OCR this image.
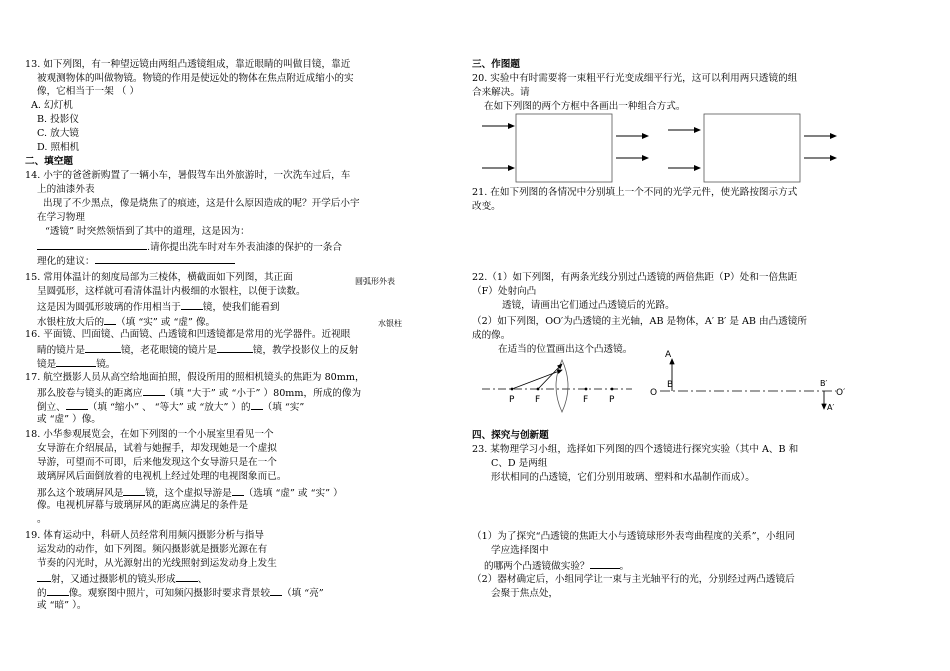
13. 如下列图，有一种望远镜由两组凸透镜组成，靠近眼睛的叫做目镜，靠近
被观测物体的叫做物镜。物镜的作用是使远处的物体在焦点附近成缩小的实
像，它相当于一架 （ ）
A. 幻灯机
B. 投影仪
C. 放大镜
D. 照相机
二、填空题
14. 小宇的爸爸新购置了一辆小车，暑假驾车出外旅游时，一次洗车过后，车
上的油漆外表
出现了不少黑点，像是烧焦了的痕迹，这是什么原因造成的呢？开学后小宇
在学习物理
“透镜” 时突然领悟到了其中的道理，这是因为：
.请你提出洗车时对车外表油漆的保护的一条合
理化的建议：
15. 常用体温计的刻度局部为三棱体，横截面如下列图，其正面	圆弧形外表
呈圆弧形，这样就可看清体温计内极细的水银柱，以便于读数。
这是因为圆弧形玻璃的作用相当于 镜，使我们能看到
水银柱放大后的 （填 “实” 或 “虚” 像。	水银柱
16. 平面镜、凹面镜、凸面镜、凸透镜和凹透镜都是常用的光学器件。近视眼
睛的镜片是	镜，老花眼镜的镜片是	镜，教学投影仪上的反射
镜是	镜。
17. 航空摄影人员从高空给地面拍照，假设所用的照相机镜头的焦距为 80mm，
那么胶卷与镜头的距离应 （填 “大于” 或 “小于” ）80mm，所成的像为
倒立、 （填 “缩小” 、 “等大” 或 “放大” ）的 （填 “实”
或 “虚” ）像。
18. 小华参观展览会，在如下列图的一个小展室里看见一个
女导游在介绍展品，试着与她握手，却发现她是一个虚拟
导游，可望而不可即，后来他发现这个女导游只是在一个
玻璃屏风后面倒放着的电视机上经过处理的电视图象而已。
那么这个玻璃屏风是 镜，这个虚拟导游是 （选填 “虚” 或 “实” ）
像。电视机屏幕与玻璃屏风的距离应满足的条件是
。
19. 体育运动中，科研人员经常利用频闪摄影分析与指导
运发动的动作，如下列图。频闪摄影就是摄影光源在有
节奏的闪光时，从光源射出的光线照射到运发动身上发生
射，又通过摄影机的镜头形成 、
的 像。观察图中照片，可知频闪摄影时要求背景较 （填 “亮”
或 “暗” ）。
三、作图题
20. 实验中有时需要将一束粗平行光变成细平行光，这可以利用两只透镜的组
合来解决。请
在如下列图的两个方框中各画出一种组合方式。
21. 在如下列图的各情况中分别填上一个不同的光学元件，使光路按图示方式
改变。
22.（1）如下列图，有两条光线分别过凸透镜的两倍焦距（P）处和一倍焦距
（F）处射向凸
透镜，请画出它们通过凸透镜后的光路。
（2）如下列图，OO′为凸透镜的主光轴，AB 是物体，A′ B′ 是 AB 由凸透镜所
成的像。
在适当的位置画出这个凸透镜。
P F	F P
A
B
O
B′
O′
A′
四、探究与创新题
23. 某物理学习小组，选择如下列图的四个透镜进行探究实验（其中 A、B 和
C、D 是两组
形状相同的凸透镜，它们分别用玻璃、塑料和水晶制作而成）。
（1）为了探究“凸透镜的焦距大小与透镜球形外表弯曲程度的关系”，小组同
学应选择图中
的哪两个凸透镜做实验？	。
（2）器材确定后，小组同学让一束与主光轴平行的光，分别经过两凸透镜后
会聚于焦点处，
